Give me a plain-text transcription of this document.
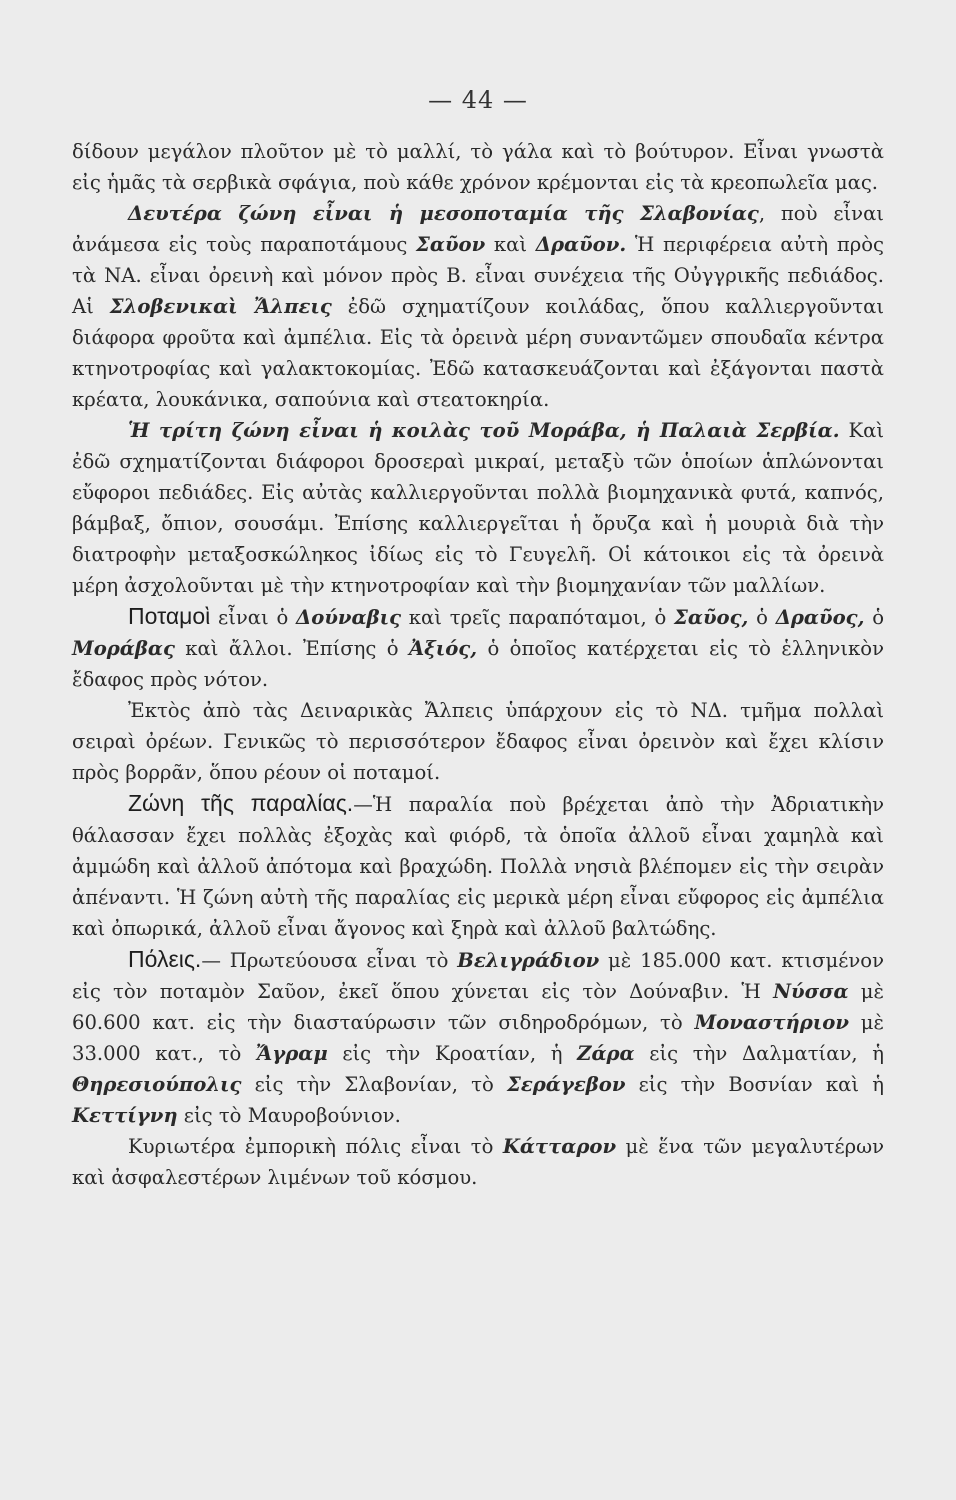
— 44 —

δίδουν μεγάλον πλοῦτον μὲ τὸ μαλλί, τὸ γάλα καὶ τὸ βούτυρον. Εἶναι γνωστὰ εἰς ἡμᾶς τὰ σερβικὰ σφάγια, ποὺ κάθε χρόνον κρέμονται εἰς τὰ κρεοπωλεῖα μας.

Δευτέρα ζώνη εἶναι ἡ μεσοποταμία τῆς Σλαβονίας, ποὺ εἶναι ἀνάμεσα εἰς τοὺς παραποτάμους Σαῦον καὶ Δραῦον. Ἡ περιφέρεια αὐτὴ πρὸς τὰ ΝΑ. εἶναι ὀρεινὴ καὶ μόνον πρὸς Β. εἶναι συνέχεια τῆς Οὐγγρικῆς πεδιάδος. Αἱ Σλοβενικαὶ Ἄλπεις ἐδῶ σχηματίζουν κοιλάδας, ὅπου καλλιεργοῦνται διάφορα φροῦτα καὶ ἀμπέλια. Εἰς τὰ ὀρεινὰ μέρη συναντῶμεν σπουδαῖα κέντρα κτηνοτροφίας καὶ γαλακτοκομίας. Ἐδῶ κατασκευάζονται καὶ ἐξάγονται παστὰ κρέατα, λουκάνικα, σαπούνια καὶ στεατοκηρία.

Ἡ τρίτη ζώνη εἶναι ἡ κοιλὰς τοῦ Μοράβα, ἡ Παλαιὰ Σερβία. Καὶ ἐδῶ σχηματίζονται διάφοροι δροσεραὶ μικραί, μεταξὺ τῶν ὁποίων ἁπλώνονται εὔφοροι πεδιάδες. Εἰς αὐτὰς καλλιεργοῦνται πολλὰ βιομηχανικὰ φυτά, καπνός, βάμβαξ, ὄπιον, σουσάμι. Ἐπίσης καλλιεργεῖται ἡ ὄρυζα καὶ ἡ μουριὰ διὰ τὴν διατροφὴν μεταξοσκώληκος ἰδίως εἰς τὸ Γευγελῆ. Οἱ κάτοικοι εἰς τὰ ὀρεινὰ μέρη ἀσχολοῦνται μὲ τὴν κτηνοτροφίαν καὶ τὴν βιομηχανίαν τῶν μαλλίων.

Ποταμοὶ εἶναι ὁ Δούναβις καὶ τρεῖς παραπόταμοι, ὁ Σαῦος, ὁ Δραῦος, ὁ Μοράβας καὶ ἄλλοι. Ἐπίσης ὁ Ἀξιός, ὁ ὁποῖος κατέρχεται εἰς τὸ ἑλληνικὸν ἔδαφος πρὸς νότον.

Ἐκτὸς ἀπὸ τὰς Δειναρικὰς Ἄλπεις ὑπάρχουν εἰς τὸ ΝΔ. τμῆμα πολλαὶ σειραὶ ὀρέων. Γενικῶς τὸ περισσότερον ἔδαφος εἶναι ὀρεινὸν καὶ ἔχει κλίσιν πρὸς βορρᾶν, ὅπου ρέουν οἱ ποταμοί.

Ζώνη τῆς παραλίας.—Ἡ παραλία ποὺ βρέχεται ἀπὸ τὴν Ἀδριατικὴν θάλασσαν ἔχει πολλὰς ἐξοχὰς καὶ φιόρδ, τὰ ὁποῖα ἀλλοῦ εἶναι χαμηλὰ καὶ ἀμμώδη καὶ ἀλλοῦ ἀπότομα καὶ βραχώδη. Πολλὰ νησιὰ βλέπομεν εἰς τὴν σειρὰν ἀπέναντι. Ἡ ζώνη αὐτὴ τῆς παραλίας εἰς μερικὰ μέρη εἶναι εὔφορος εἰς ἀμπέλια καὶ ὀπωρικά, ἀλλοῦ εἶναι ἄγονος καὶ ξηρὰ καὶ ἀλλοῦ βαλτώδης.

Πόλεις.— Πρωτεύουσα εἶναι τὸ Βελιγράδιον μὲ 185.000 κατ. κτισμένον εἰς τὸν ποταμὸν Σαῦον, ἐκεῖ ὅπου χύνεται εἰς τὸν Δούναβιν. Ἡ Νύσσα μὲ 60.600 κατ. εἰς τὴν διασταύρωσιν τῶν σιδηροδρόμων, τὸ Μοναστήριον μὲ 33.000 κατ., τὸ Ἄγραμ εἰς τὴν Κροατίαν, ἡ Ζάρα εἰς τὴν Δαλματίαν, ἡ Θηρεσιούπολις εἰς τὴν Σλαβονίαν, τὸ Σεράγεβον εἰς τὴν Βοσνίαν καὶ ἡ Κεττίγνη εἰς τὸ Μαυροβούνιον.

Κυριωτέρα ἐμπορικὴ πόλις εἶναι τὸ Κάτταρον μὲ ἕνα τῶν μεγαλυτέρων καὶ ἀσφαλεστέρων λιμένων τοῦ κόσμου.
